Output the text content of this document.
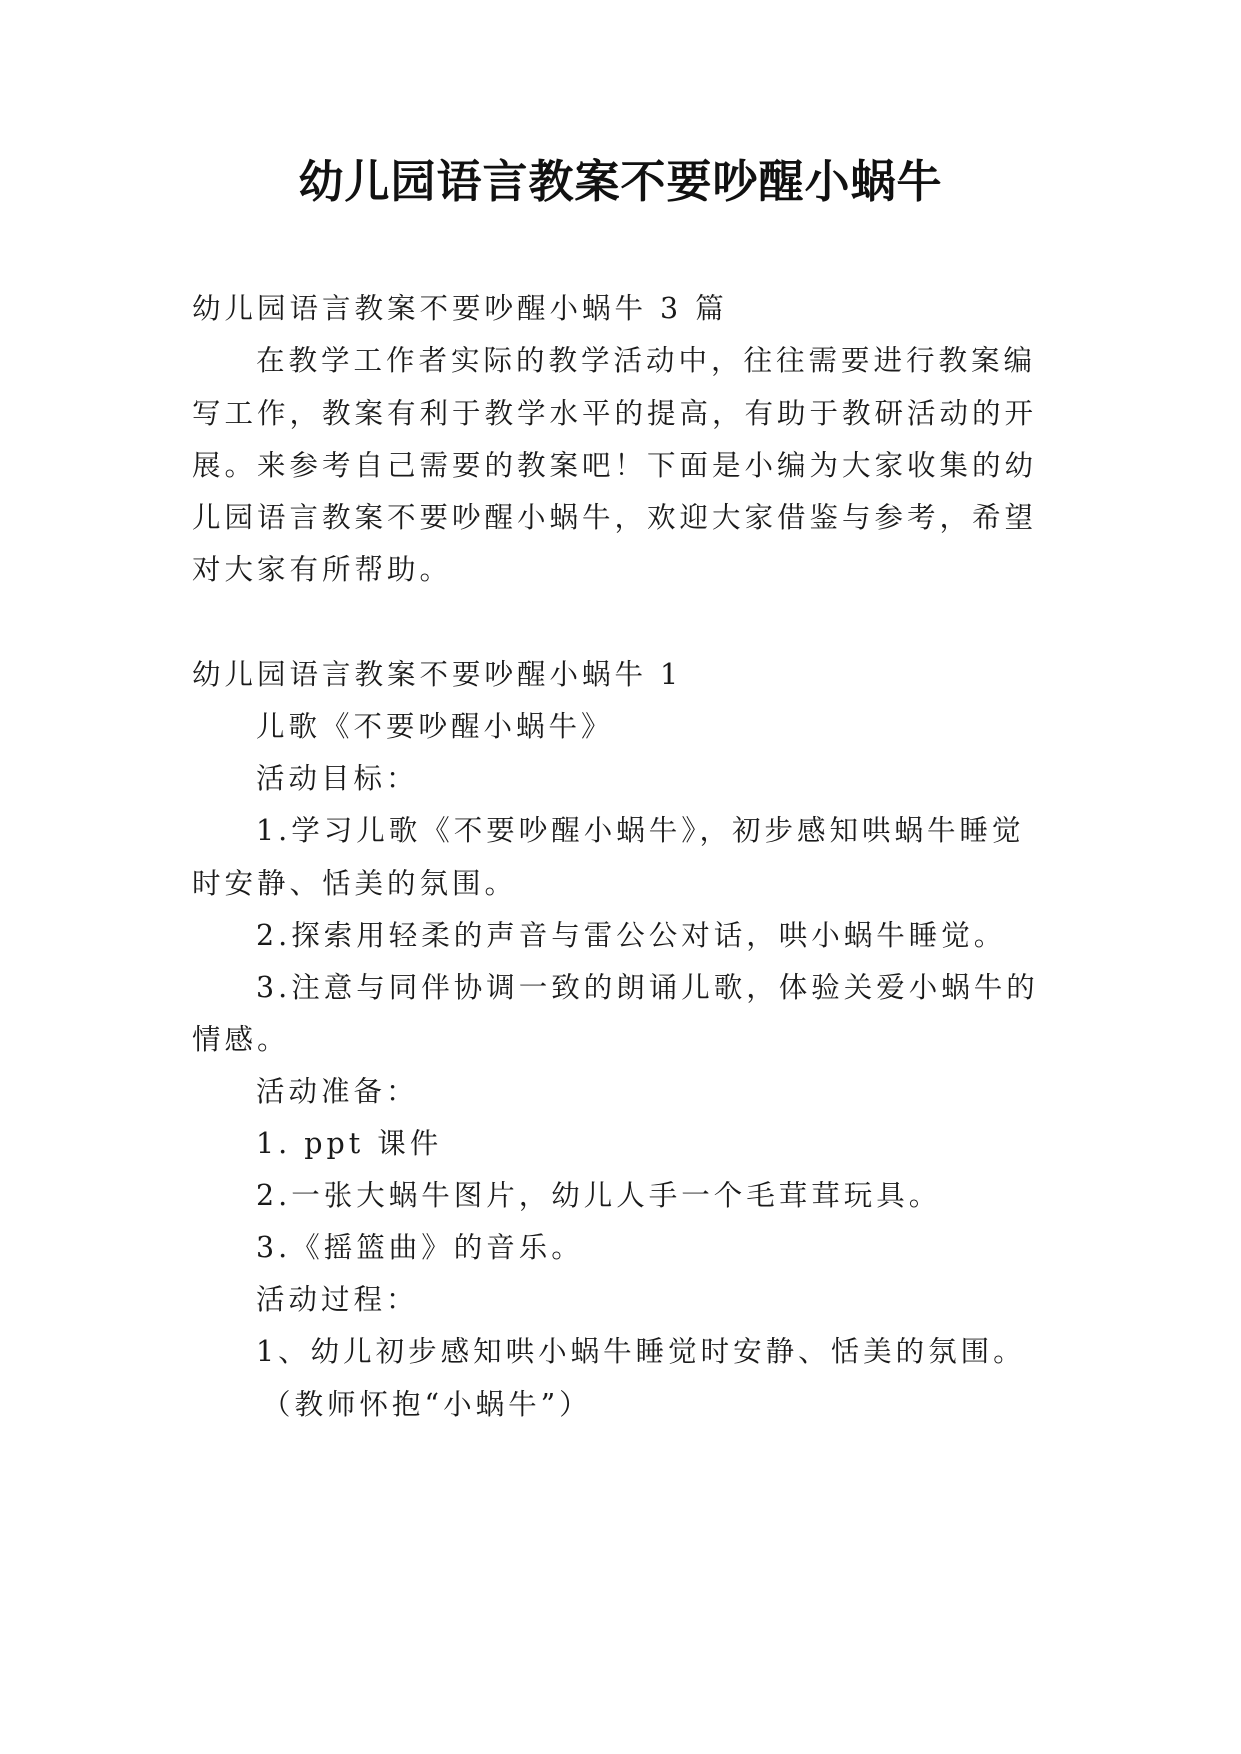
幼儿园语言教案不要吵醒小蜗牛
幼儿园语言教案不要吵醒小蜗牛 3 篇
在教学工作者实际的教学活动中，往往需要进行教案编
写工作，教案有利于教学水平的提高，有助于教研活动的开
展。来参考自己需要的教案吧！下面是小编为大家收集的幼
儿园语言教案不要吵醒小蜗牛，欢迎大家借鉴与参考，希望
对大家有所帮助。
幼儿园语言教案不要吵醒小蜗牛 1
儿歌《不要吵醒小蜗牛》
活动目标：
1.学习儿歌《不要吵醒小蜗牛》，初步感知哄蜗牛睡觉
时安静、恬美的氛围。
2.探索用轻柔的声音与雷公公对话，哄小蜗牛睡觉。
3.注意与同伴协调一致的朗诵儿歌，体验关爱小蜗牛的
情感。
活动准备：
1. ppt 课件
2.一张大蜗牛图片，幼儿人手一个毛茸茸玩具。
3.《摇篮曲》的音乐。
活动过程：
1、幼儿初步感知哄小蜗牛睡觉时安静、恬美的氛围。
（教师怀抱“小蜗牛”）
